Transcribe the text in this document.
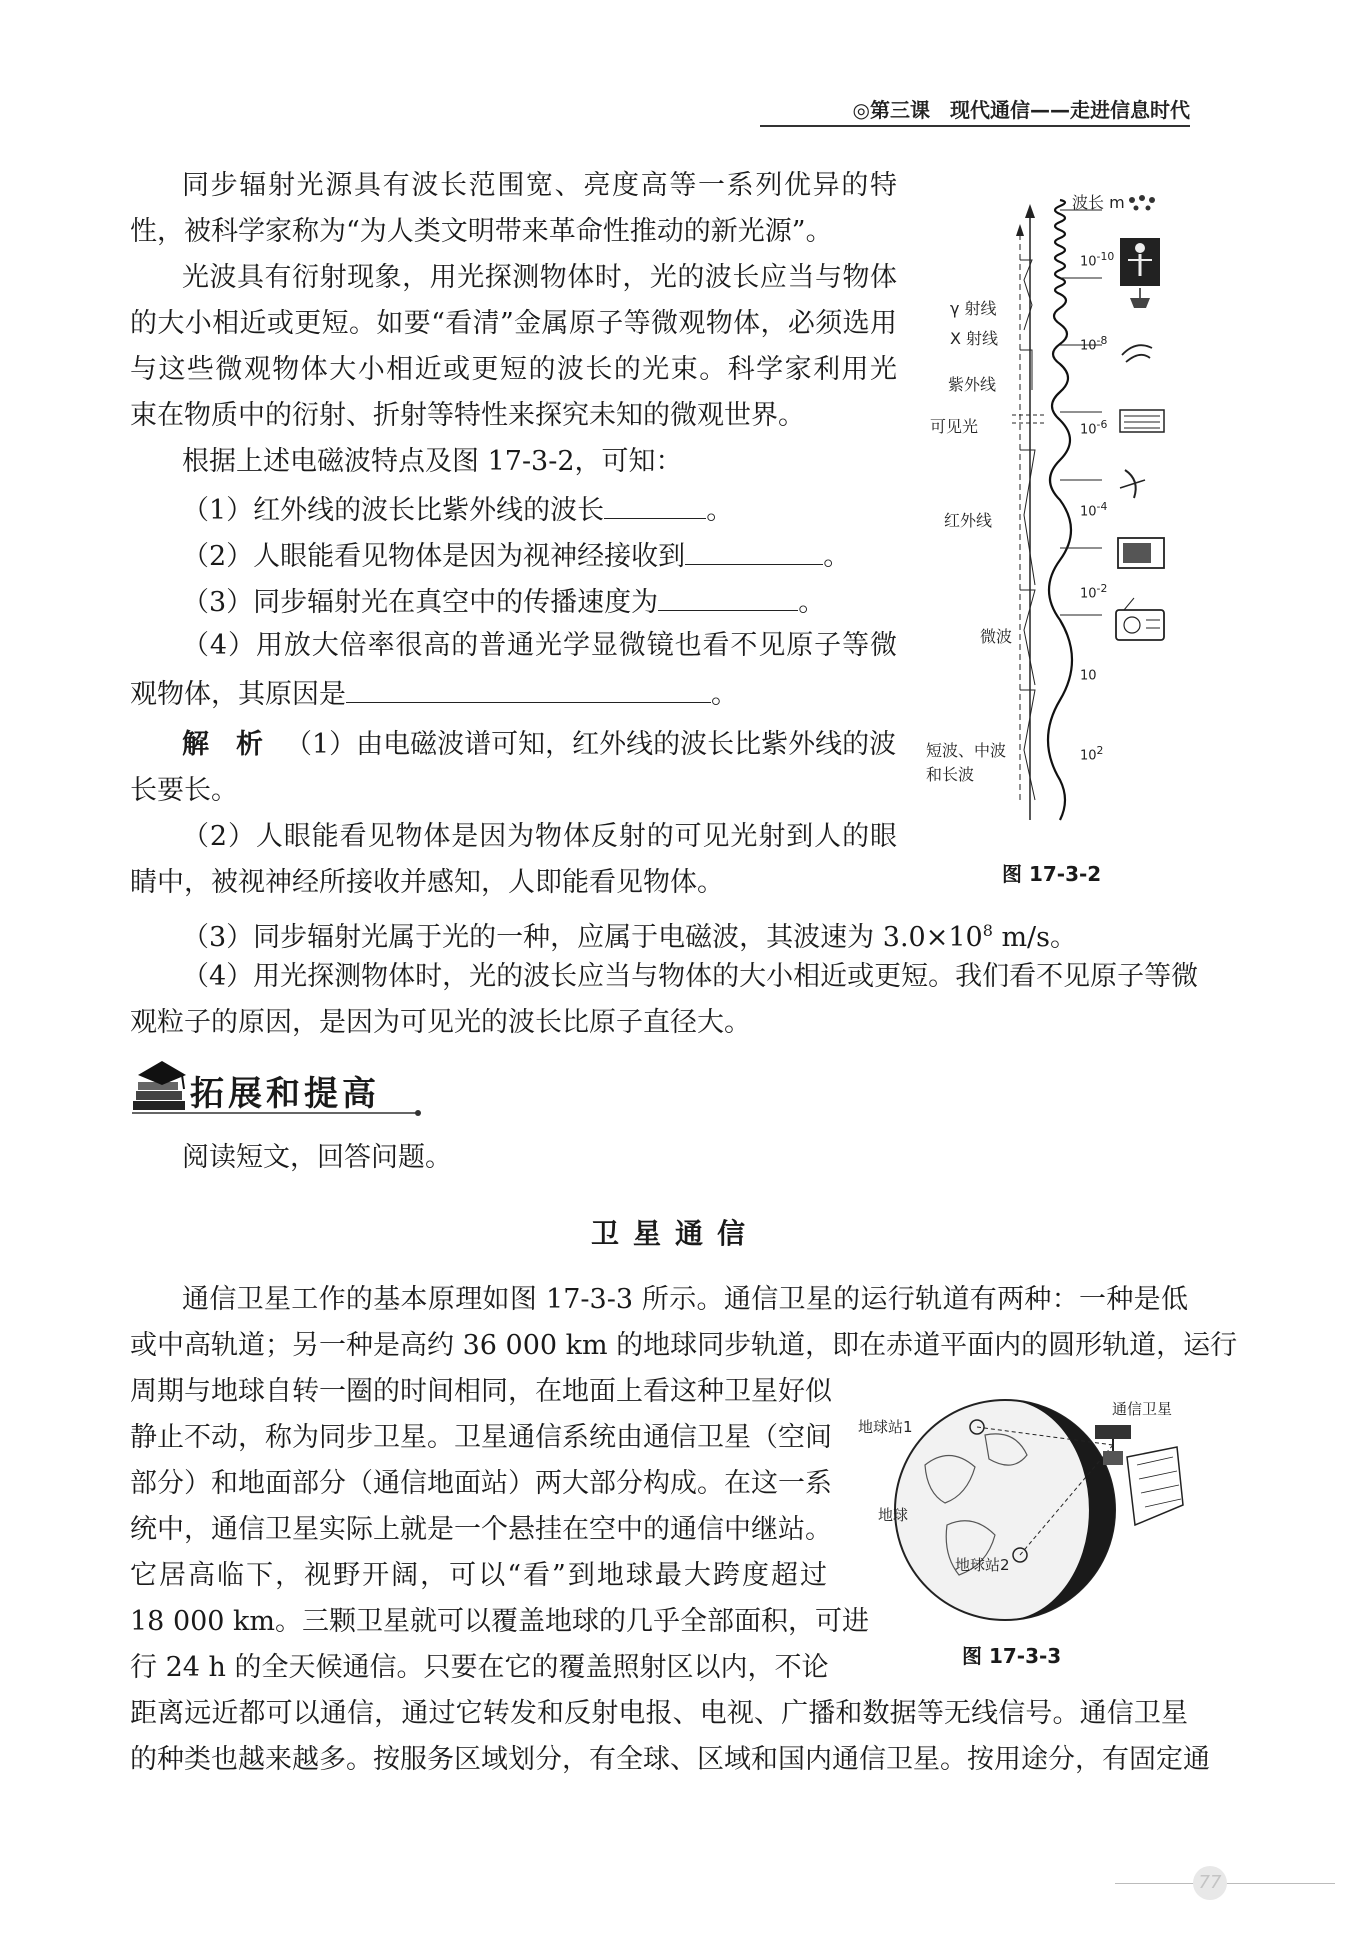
◎第三课　现代通信——走进信息时代
同步辐射光源具有波长范围宽、亮度高等一系列优异的特
性，被科学家称为“为人类文明带来革命性推动的新光源”。
光波具有衍射现象，用光探测物体时，光的波长应当与物体
的大小相近或更短。如要“看清”金属原子等微观物体，必须选用
与这些微观物体大小相近或更短的波长的光束。科学家利用光
束在物质中的衍射、折射等特性来探究未知的微观世界。
根据上述电磁波特点及图 17-3-2，可知：
（1）红外线的波长比紫外线的波长	。
（2）人眼能看见物体是因为视神经接收到	。
（3）同步辐射光在真空中的传播速度为	。
（4）用放大倍率很高的普通光学显微镜也看不见原子等微
观物体，其原因是	。
解　析 （1）由电磁波谱可知，红外线的波长比紫外线的波
长要长。
（2）人眼能看见物体是因为物体反射的可见光射到人的眼
睛中，被视神经所接收并感知，人即能看见物体。
（3）同步辐射光属于光的一种，应属于电磁波，其波速为 $3.0\times 10^8$ m/s。
（4）用光探测物体时，光的波长应当与物体的大小相近或更短。我们看不见原子等微
观粒子的原因，是因为可见光的波长比原子直径大。
拓展和提高
阅读短文，回答问题。
卫星通信
通信卫星工作的基本原理如图 17-3-3 所示。通信卫星的运行轨道有两种：一种是低
或中高轨道；另一种是高约 36 000 km 的地球同步轨道，即在赤道平面内的圆形轨道，运行
周期与地球自转一圈的时间相同，在地面上看这种卫星好似
静止不动，称为同步卫星。卫星通信系统由通信卫星（空间
部分）和地面部分（通信地面站）两大部分构成。在这一系
统中，通信卫星实际上就是一个悬挂在空中的通信中继站。
它居高临下，视野开阔，可以“看”到地球最大跨度超过
18 000 km。三颗卫星就可以覆盖地球的几乎全部面积，可进
行 24 h 的全天候通信。只要在它的覆盖照射区以内，不论
距离远近都可以通信，通过它转发和反射电报、电视、广播和数据等无线信号。通信卫星
的种类也越来越多。按服务区域划分，有全球、区域和国内通信卫星。按用途分，有固定通
波长 m
γ 射线
X 射线
紫外线
可见光
红外线
微波
短波、中波
和长波
$10^{-10}$
$10^{-8}$
$10^{-6}$
$10^{-4}$
$10^{-2}$
10
$10^2$
图 17-3-2
地球站1
地球
地球站2
通信卫星
图 17-3-3
77
